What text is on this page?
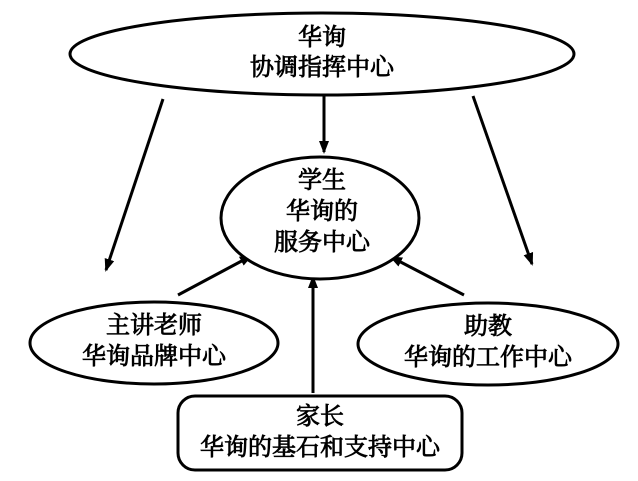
华询
协调指挥中心
学生
华询的
服务中心
主讲老师
华询品牌中心
助教
华询的工作中心
家长
华询的基石和支持中心
